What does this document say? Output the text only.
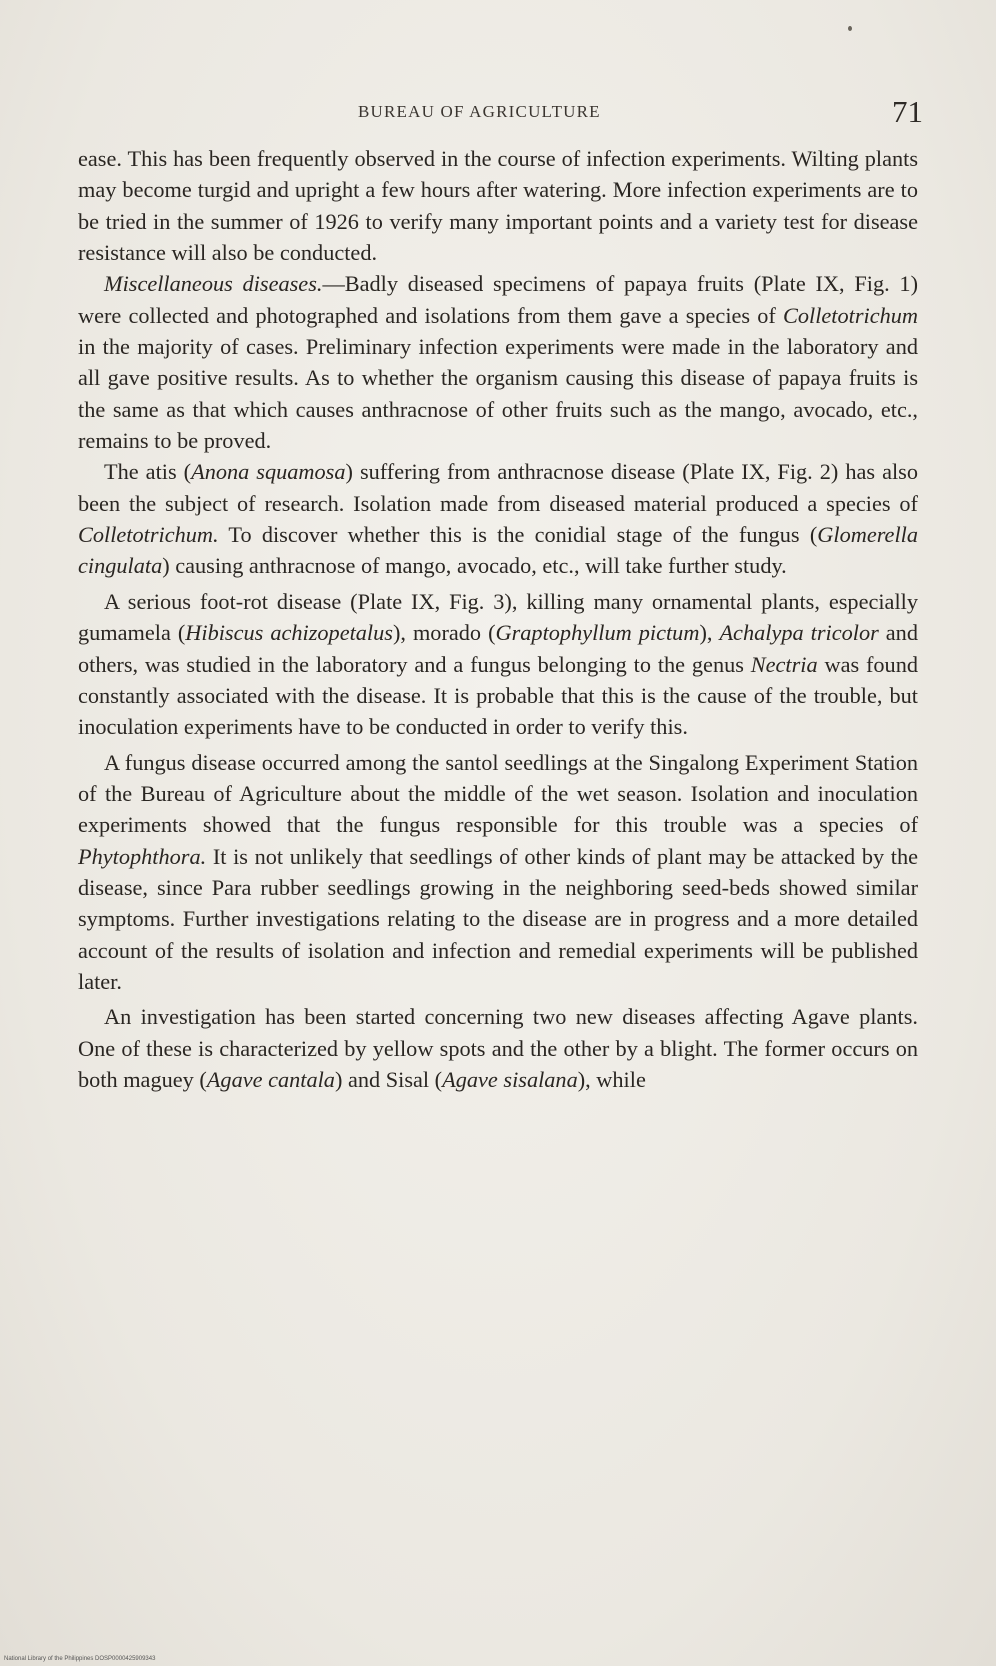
BUREAU OF AGRICULTURE	71

ease. This has been frequently observed in the course of infection experiments. Wilting plants may become turgid and upright a few hours after watering. More infection experiments are to be tried in the summer of 1926 to verify many important points and a variety test for disease resistance will also be conducted.

Miscellaneous diseases.—Badly diseased specimens of papaya fruits (Plate IX, Fig. 1) were collected and photographed and isolations from them gave a species of Colletotrichum in the majority of cases. Preliminary infection experiments were made in the laboratory and all gave positive results. As to whether the organism causing this disease of papaya fruits is the same as that which causes anthracnose of other fruits such as the mango, avocado, etc., remains to be proved.

The atis (Anona squamosa) suffering from anthracnose disease (Plate IX, Fig. 2) has also been the subject of research. Isolation made from diseased material produced a species of Colletotrichum. To discover whether this is the conidial stage of the fungus (Glomerella cingulata) causing anthracnose of mango, avocado, etc., will take further study.

A serious foot-rot disease (Plate IX, Fig. 3), killing many ornamental plants, especially gumamela (Hibiscus achizopetalus), morado (Graptophyllum pictum), Achalypa tricolor and others, was studied in the laboratory and a fungus belonging to the genus Nectria was found constantly associated with the disease. It is probable that this is the cause of the trouble, but inoculation experiments have to be conducted in order to verify this.

A fungus disease occurred among the santol seedlings at the Singalong Experiment Station of the Bureau of Agriculture about the middle of the wet season. Isolation and inoculation experiments showed that the fungus responsible for this trouble was a species of Phytophthora. It is not unlikely that seedlings of other kinds of plant may be attacked by the disease, since Para rubber seedlings growing in the neighboring seed-beds showed similar symptoms. Further investigations relating to the disease are in progress and a more detailed account of the results of isolation and infection and remedial experiments will be published later.

An investigation has been started concerning two new diseases affecting Agave plants. One of these is characterized by yellow spots and the other by a blight. The former occurs on both maguey (Agave cantala) and Sisal (Agave sisalana), while

National Library of the Philippines DOSP0000425909343
